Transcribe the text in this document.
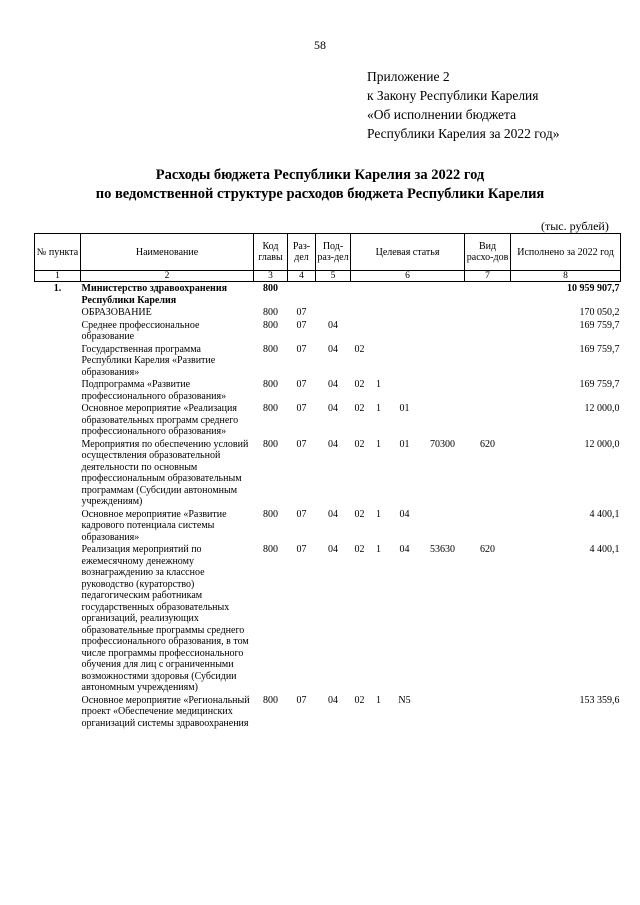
58
Приложение 2
к Закону Республики Карелия
«Об исполнении бюджета
Республики Карелия за 2022 год»
Расходы бюджета Республики Карелия за 2022 год
по ведомственной структуре расходов бюджета Республики Карелия
(тыс. рублей)
№ пункта	Наименование	Код главы	Раз-дел	Под-раз-дел	Целевая статья				Вид расхо-дов	Исполнено за 2022 год
1	2	3	4	5	6				7	8
1.	Министерство здравоохранения Республики Карелия	800								10 959 907,7
	ОБРАЗОВАНИЕ	800	07							170 050,2
	Среднее профессиональное образование	800	07	04						169 759,7
	Государственная программа Республики Карелия «Развитие образования»	800	07	04	02					169 759,7
	Подпрограмма «Развитие профессионального образования»	800	07	04	02	1				169 759,7
	Основное мероприятие «Реализация образовательных программ среднего профессионального образования»	800	07	04	02	1	01			12 000,0
	Мероприятия по обеспечению условий осуществления образовательной деятельности по основным профессиональным образовательным программам (Субсидии автономным учреждениям)	800	07	04	02	1	01	70300	620	12 000,0
	Основное мероприятие «Развитие кадрового потенциала системы образования»	800	07	04	02	1	04			4 400,1
	Реализация мероприятий по ежемесячному денежному вознаграждению за классное руководство (кураторство) педагогическим работникам государственных образовательных организаций, реализующих образовательные программы среднего профессионального образования, в том числе программы профессионального обучения для лиц с ограниченными возможностями здоровья (Субсидии автономным учреждениям)	800	07	04	02	1	04	53630	620	4 400,1
	Основное мероприятие «Региональный проект «Обеспечение медицинских организаций системы здравоохранения	800	07	04	02	1	N5			153 359,6
